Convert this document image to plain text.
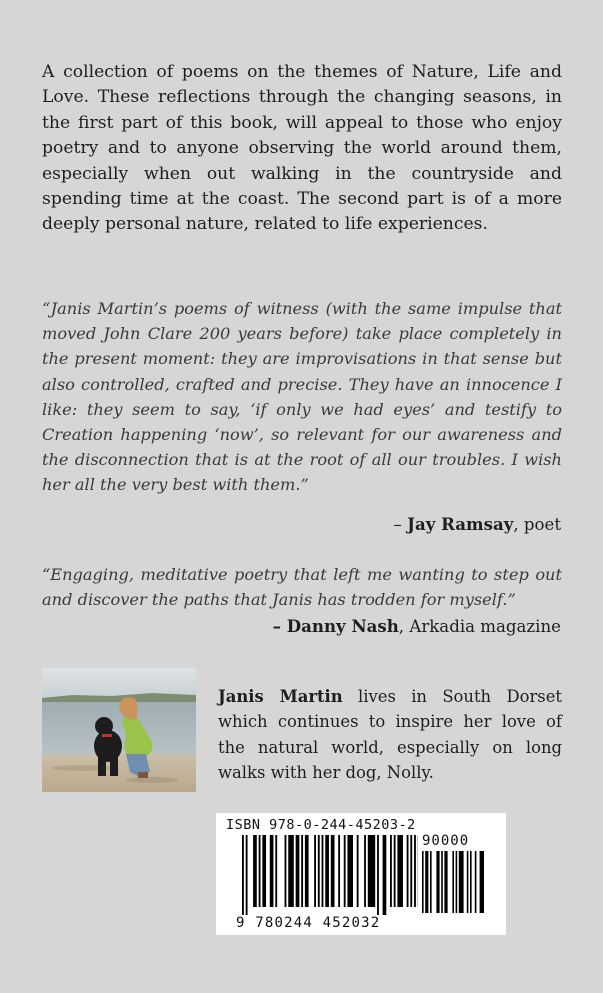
A collection of poems on the themes of Nature, Life and Love. These reflections through the changing seasons, in the first part of this book, will appeal to those who enjoy poetry and to anyone observing the world around them, especially when out walking in the countryside and spending time at the coast. The second part is of a more deeply personal nature, related to life experiences.

“Janis Martin’s poems of witness (with the same impulse that moved John Clare 200 years before) take place completely in the present moment: they are improvisations in that sense but also controlled, crafted and precise. They have an innocence I like: they seem to say, ‘if only we had eyes’ and testify to Creation happening ‘now’, so relevant for our awareness and the disconnection that is at the root of all our troubles. I wish her all the very best with them.”

– Jay Ramsay, poet

“Engaging, meditative poetry that left me wanting to step out and discover the paths that Janis has trodden for myself.”

– Danny Nash, Arkadia magazine

Janis Martin lives in South Dorset which continues to inspire her love of the natural world, especially on long walks with her dog, Nolly.

ISBN 978-0-244-45203-2
90000
9 780244 452032
